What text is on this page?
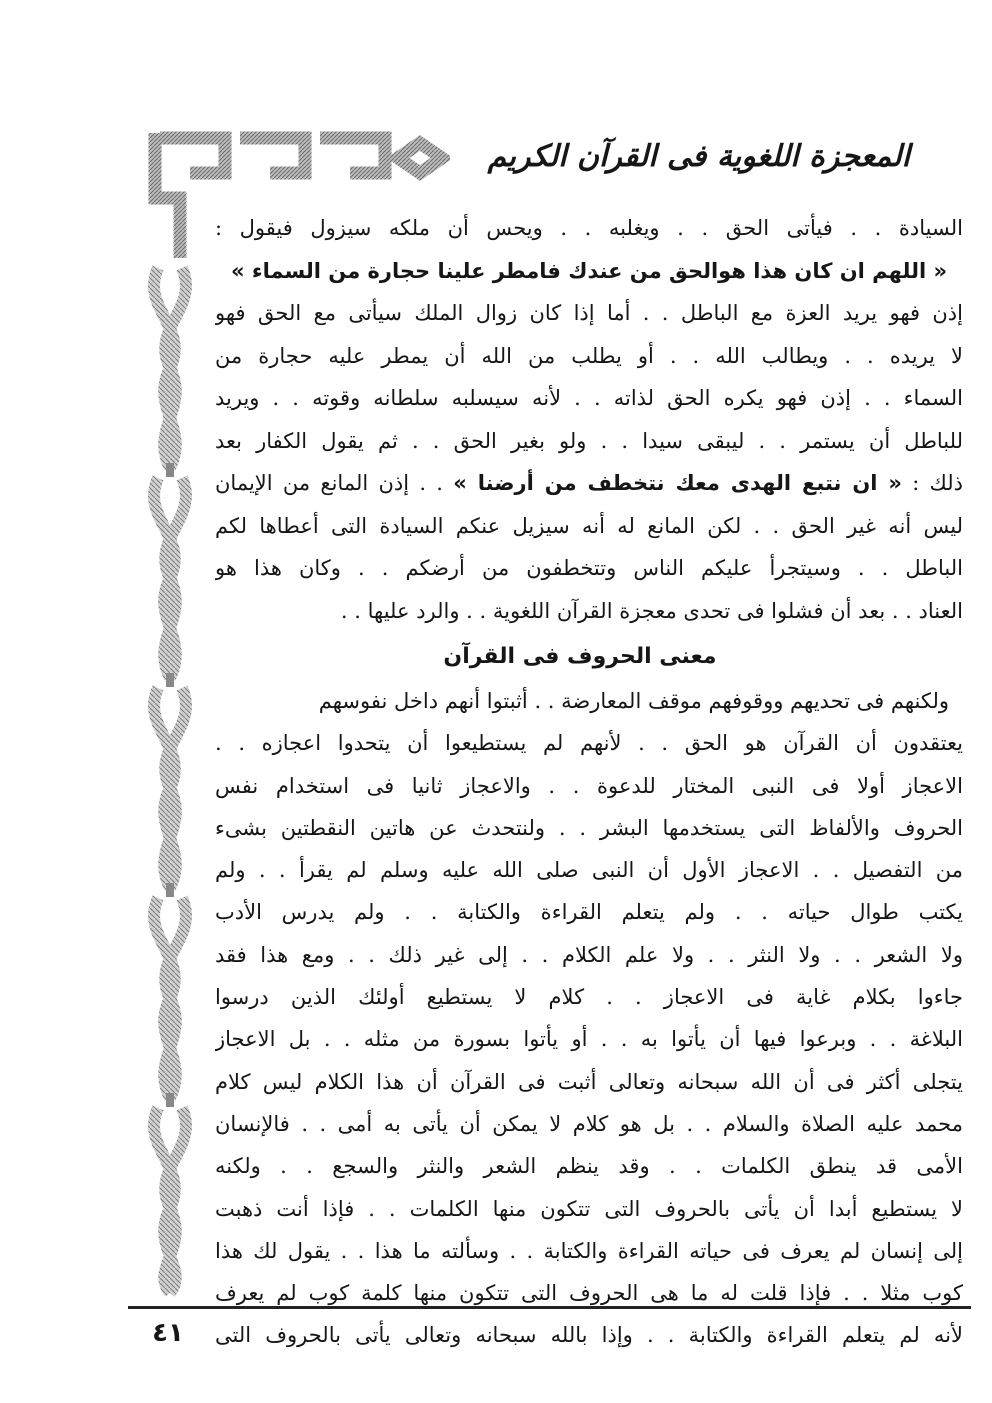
المعجزة اللغوية فى القرآن الكريم

السيادة . . فيأتى الحق . . ويغلبه . . ويحس أن ملكه سيزول فيقول :

« اللهم ان كان هذا هوالحق من عندك فامطر علينا حجارة من السماء »

إذن فهو يريد العزة مع الباطل . . أما إذا كان زوال الملك سيأتى مع الحق فهو

لا يريده . . ويطالب الله . . أو يطلب من الله أن يمطر عليه حجارة من

السماء . . إذن فهو يكره الحق لذاته . . لأنه سيسلبه سلطانه وقوته . . ويريد

للباطل أن يستمر . . ليبقى سيدا . . ولو بغير الحق . . ثم يقول الكفار بعد

ذلك : « ان نتبع الهدى معك نتخطف من أرضنا » . . إذن المانع من الإيمان

ليس أنه غير الحق . . لكن المانع له أنه سيزيل عنكم السيادة التى أعطاها لكم

الباطل . . وسيتجرأ عليكم الناس وتتخطفون من أرضكم . . وكان هذا هو

العناد . . بعد أن فشلوا فى تحدى معجزة القرآن اللغوية . . والرد عليها . .

معنى الحروف فى القرآن

ولكنهم فى تحديهم ووقوفهم موقف المعارضة . . أثبتوا أنهم داخل نفوسهم

يعتقدون أن القرآن هو الحق . . لأنهم لم يستطيعوا أن يتحدوا اعجازه . .

الاعجاز أولا فى النبى المختار للدعوة . . والاعجاز ثانيا فى استخدام نفس

الحروف والألفاظ التى يستخدمها البشر . . ولنتحدث عن هاتين النقطتين بشىء

من التفصيل . . الاعجاز الأول أن النبى صلى الله عليه وسلم لم يقرأ . . ولم

يكتب طوال حياته . . ولم يتعلم القراءة والكتابة . . ولم يدرس الأدب

ولا الشعر . . ولا النثر . . ولا علم الكلام . . إلى غير ذلك . . ومع هذا فقد

جاءوا بكلام غاية فى الاعجاز . . كلام لا يستطيع أولئك الذين درسوا

البلاغة . . وبرعوا فيها أن يأتوا به . . أو يأتوا بسورة من مثله . . بل الاعجاز

يتجلى أكثر فى أن الله سبحانه وتعالى أثبت فى القرآن أن هذا الكلام ليس كلام

محمد عليه الصلاة والسلام . . بل هو كلام لا يمكن أن يأتى به أمى . . فالإنسان

الأمى قد ينطق الكلمات . . وقد ينظم الشعر والنثر والسجع . . ولكنه

لا يستطيع أبدا أن يأتى بالحروف التى تتكون منها الكلمات . . فإذا أنت ذهبت

إلى إنسان لم يعرف فى حياته القراءة والكتابة . . وسألته ما هذا . . يقول لك هذا

كوب مثلا . . فإذا قلت له ما هى الحروف التى تتكون منها كلمة كوب لم يعرف

لأنه لم يتعلم القراءة والكتابة . . وإذا بالله سبحانه وتعالى يأتى بالحروف التى

٤١
